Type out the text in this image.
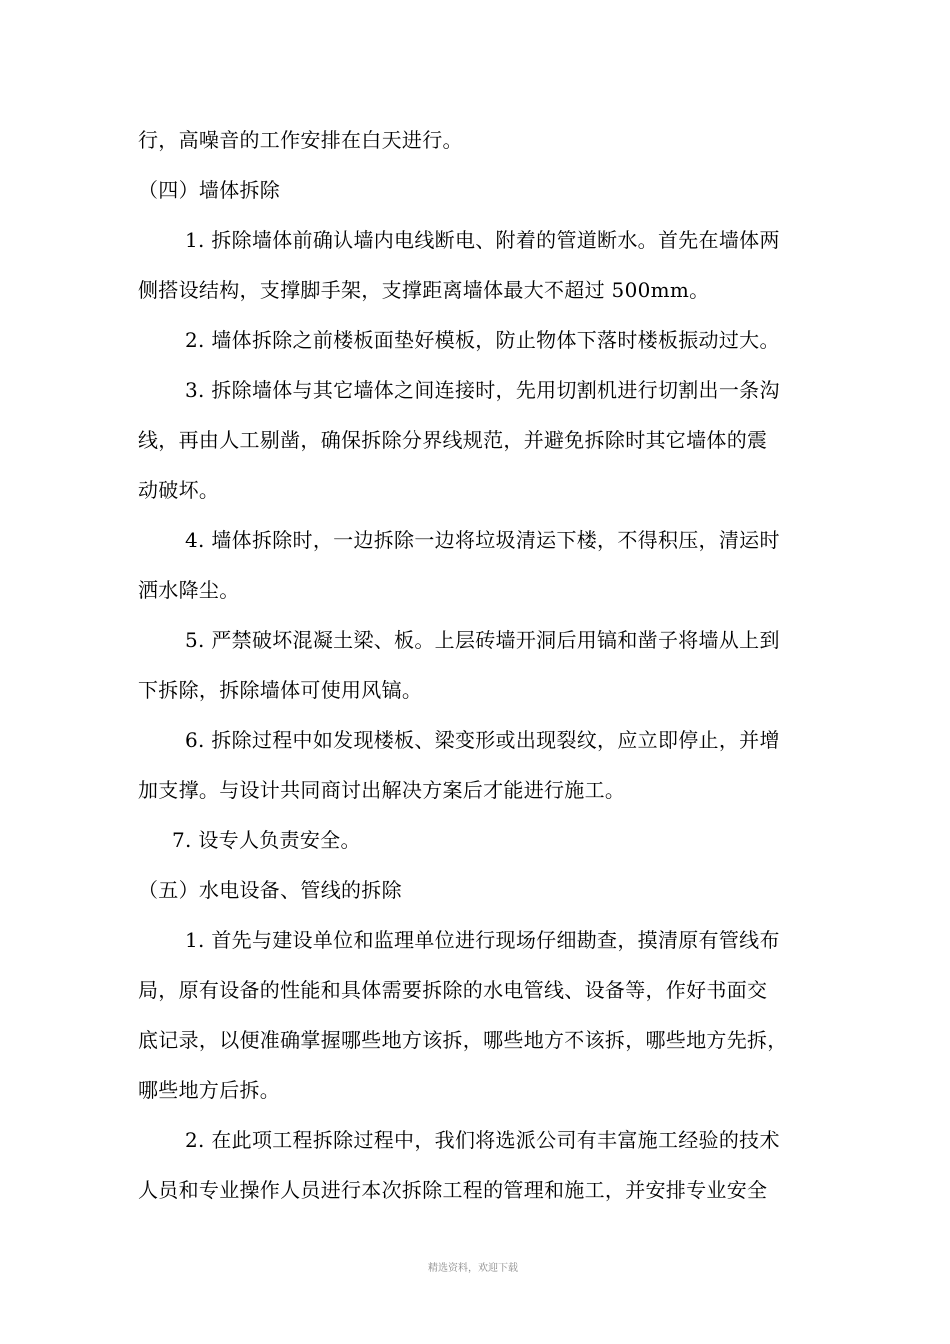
行，高噪音的工作安排在白天进行。
（四）墙体拆除
1. 拆除墙体前确认墙内电线断电、附着的管道断水。首先在墙体两
侧搭设结构，支撑脚手架，支撑距离墙体最大不超过 500mm。
2. 墙体拆除之前楼板面垫好模板，防止物体下落时楼板振动过大。
3. 拆除墙体与其它墙体之间连接时，先用切割机进行切割出一条沟
线，再由人工剔凿，确保拆除分界线规范，并避免拆除时其它墙体的震
动破坏。
4. 墙体拆除时，一边拆除一边将垃圾清运下楼，不得积压，清运时
洒水降尘。
5. 严禁破坏混凝土梁、板。上层砖墙开洞后用镐和凿子将墙从上到
下拆除，拆除墙体可使用风镐。
6. 拆除过程中如发现楼板、梁变形或出现裂纹，应立即停止，并增
加支撑。与设计共同商讨出解决方案后才能进行施工。
7. 设专人负责安全。
（五）水电设备、管线的拆除
1. 首先与建设单位和监理单位进行现场仔细勘查，摸清原有管线布
局，原有设备的性能和具体需要拆除的水电管线、设备等，作好书面交
底记录，以便准确掌握哪些地方该拆，哪些地方不该拆，哪些地方先拆，
哪些地方后拆。
2. 在此项工程拆除过程中，我们将选派公司有丰富施工经验的技术
人员和专业操作人员进行本次拆除工程的管理和施工，并安排专业安全
精选资料，欢迎下载
